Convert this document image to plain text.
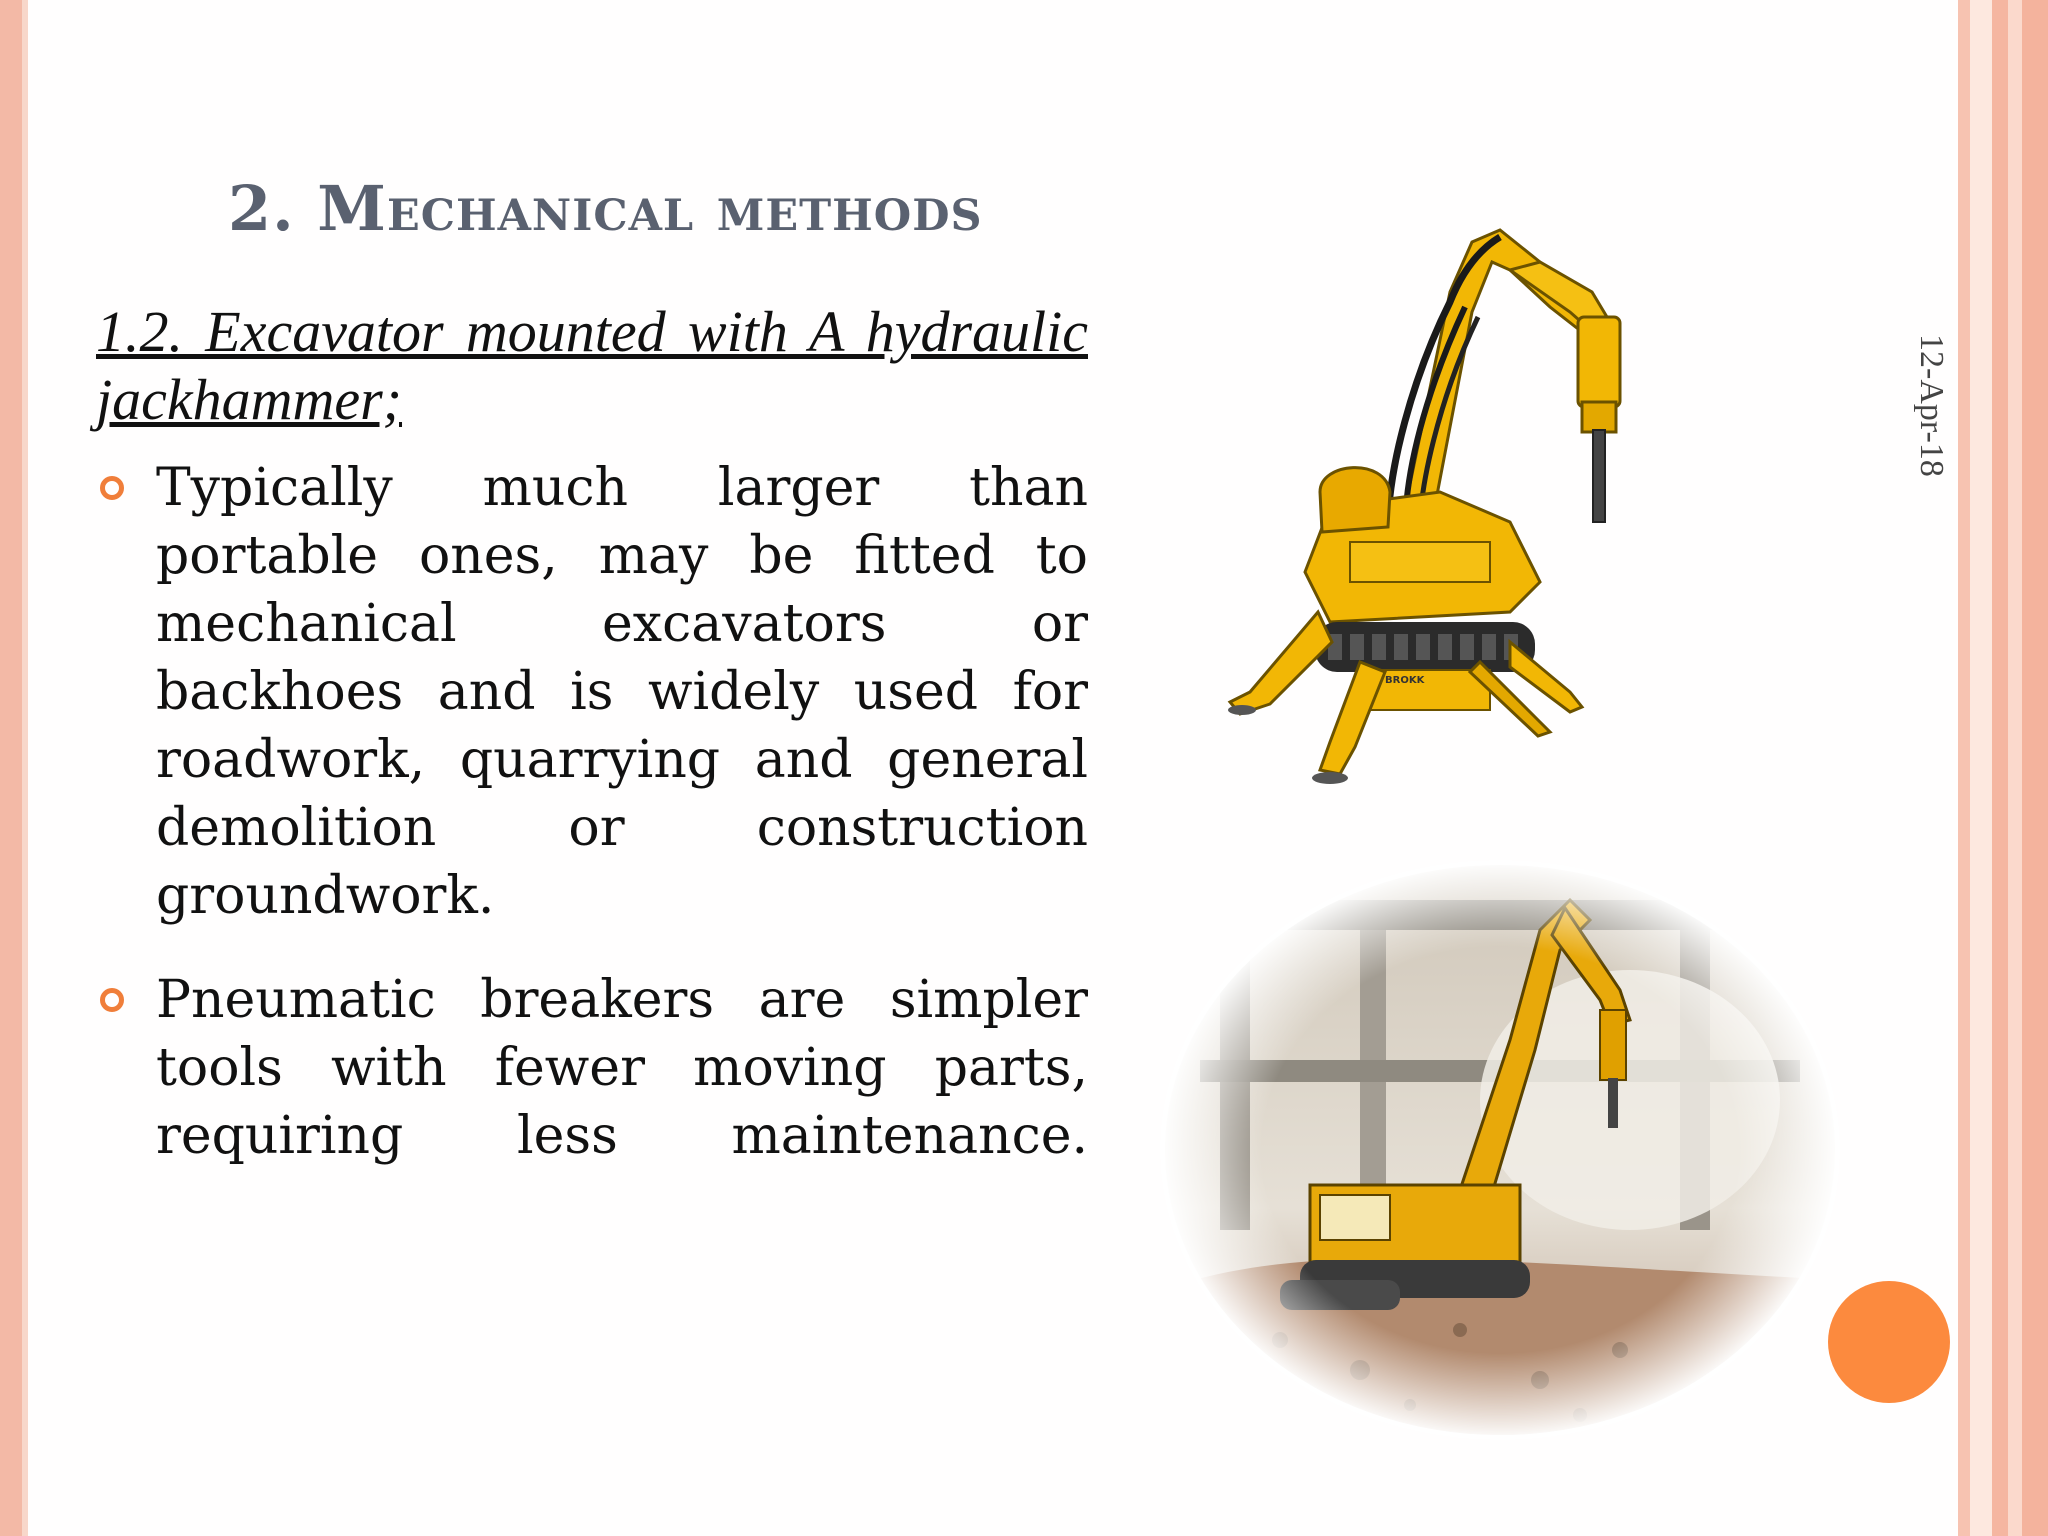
2. Mechanical methods
1.2. Excavator mounted with A hydraulic jackhammer;
Typically much larger than portable ones, may be fitted to mechanical excavators or backhoes and is widely used for roadwork, quarrying and general demolition or construction groundwork.
Pneumatic breakers are simpler tools with fewer moving parts, requiring less maintenance.
12-Apr-18
BROKK
